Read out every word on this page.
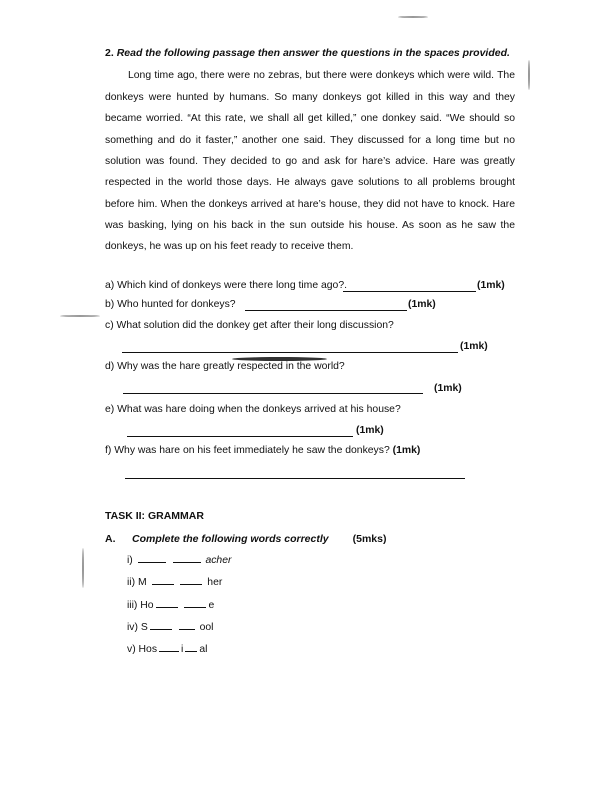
2. Read the following passage then answer the questions in the spaces provided.
Long time ago, there were no zebras, but there were donkeys which were wild. The
donkeys were hunted by humans. So many donkeys got killed in this way and they
became worried. “At this rate, we shall all get killed,” one donkey said. “We should so
something and do it faster,” another one said. They discussed for a long time but no
solution was found. They decided to go and ask for hare’s advice. Hare was greatly
respected in the world those days. He always gave solutions to all problems brought
before him. When the donkeys arrived at hare’s house, they did not have to knock. Hare
was basking, lying on his back in the sun outside his house. As soon as he saw the
donkeys, he was up on his feet ready to receive them.
a) Which kind of donkeys were there long time ago?.	(1mk)
b) Who hunted for donkeys?	(1mk)
c) What solution did the donkey get after their long discussion?
(1mk)
d) Why was the hare greatly respected in the world?
(1mk)
e) What was hare doing when the donkeys arrived at his house?
(1mk)
f) Why was hare on his feet immediately he saw the donkeys? (1mk)
TASK II: GRAMMAR
A.	Complete the following words correctly (5mks)
i)	acher
ii) M	her
iii) Ho	e
iv) S	ool
v) Hos i al
